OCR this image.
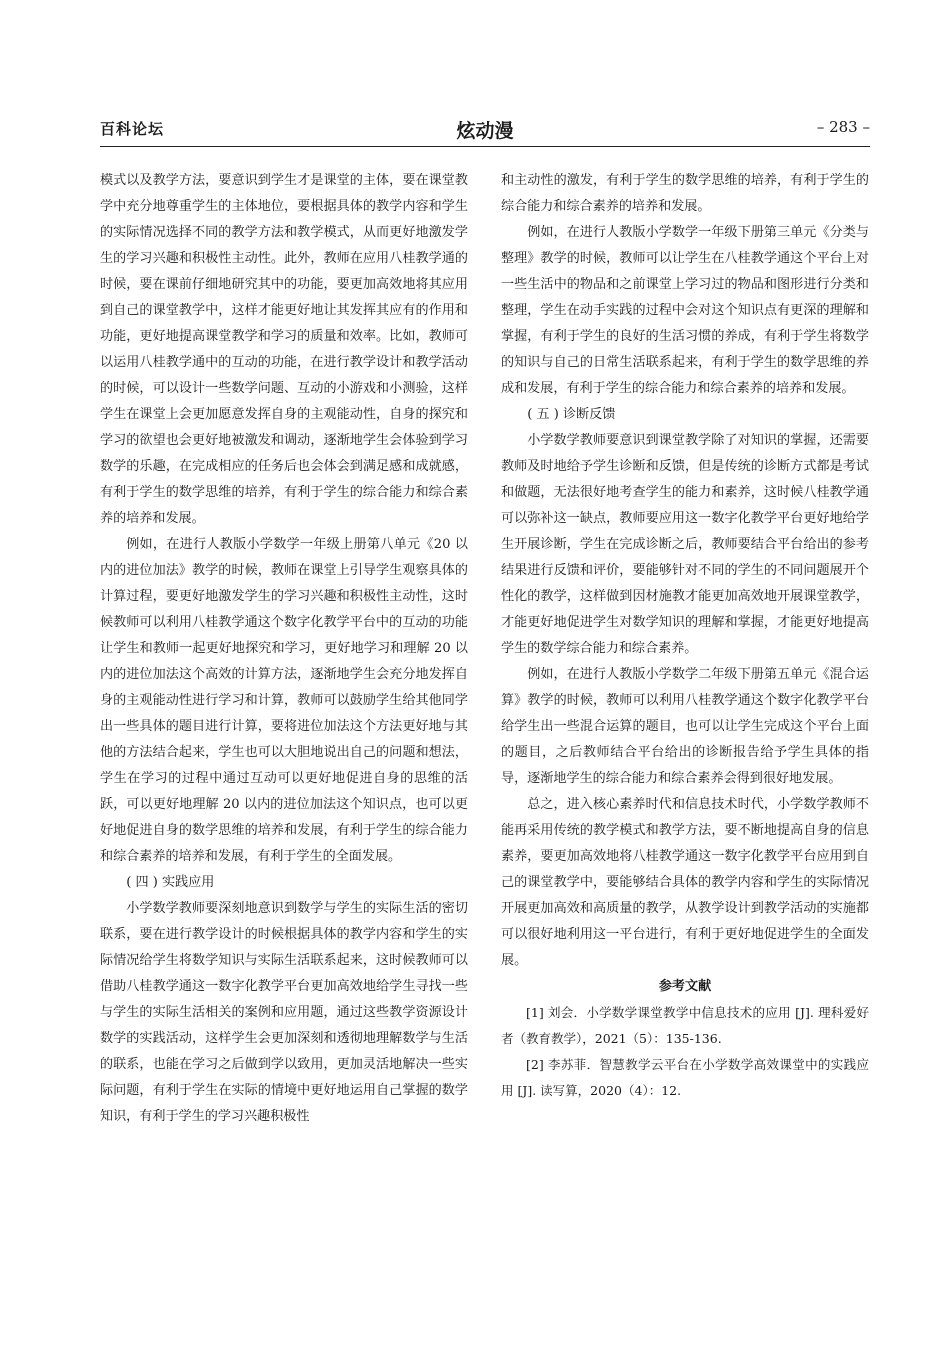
百科论坛	炫动漫	– 283 –

模式以及教学方法，要意识到学生才是课堂的主体，要在课堂教学中充分地尊重学生的主体地位，要根据具体的教学内容和学生的实际情况选择不同的教学方法和教学模式，从而更好地激发学生的学习兴趣和积极性主动性。此外，教师在应用八桂教学通的时候，要在课前仔细地研究其中的功能，要更加高效地将其应用到自己的课堂教学中，这样才能更好地让其发挥其应有的作用和功能，更好地提高课堂教学和学习的质量和效率。比如，教师可以运用八桂教学通中的互动的功能，在进行教学设计和教学活动的时候，可以设计一些数学问题、互动的小游戏和小测验，这样学生在课堂上会更加愿意发挥自身的主观能动性，自身的探究和学习的欲望也会更好地被激发和调动，逐渐地学生会体验到学习数学的乐趣，在完成相应的任务后也会体会到满足感和成就感，有利于学生的数学思维的培养，有利于学生的综合能力和综合素养的培养和发展。

例如，在进行人教版小学数学一年级上册第八单元《20 以内的进位加法》教学的时候，教师在课堂上引导学生观察具体的计算过程，要更好地激发学生的学习兴趣和积极性主动性，这时候教师可以利用八桂教学通这个数字化教学平台中的互动的功能让学生和教师一起更好地探究和学习，更好地学习和理解 20 以内的进位加法这个高效的计算方法，逐渐地学生会充分地发挥自身的主观能动性进行学习和计算，教师可以鼓励学生给其他同学出一些具体的题目进行计算，要将进位加法这个方法更好地与其他的方法结合起来，学生也可以大胆地说出自己的问题和想法，学生在学习的过程中通过互动可以更好地促进自身的思维的活跃，可以更好地理解 20 以内的进位加法这个知识点，也可以更好地促进自身的数学思维的培养和发展，有利于学生的综合能力和综合素养的培养和发展，有利于学生的全面发展。

( 四 ) 实践应用

小学数学教师要深刻地意识到数学与学生的实际生活的密切联系，要在进行教学设计的时候根据具体的教学内容和学生的实际情况给学生将数学知识与实际生活联系起来，这时候教师可以借助八桂教学通这一数字化教学平台更加高效地给学生寻找一些与学生的实际生活相关的案例和应用题，通过这些教学资源设计数学的实践活动，这样学生会更加深刻和透彻地理解数学与生活的联系，也能在学习之后做到学以致用，更加灵活地解决一些实际问题，有利于学生在实际的情境中更好地运用自己掌握的数学知识，有利于学生的学习兴趣积极性

和主动性的激发，有利于学生的数学思维的培养，有利于学生的综合能力和综合素养的培养和发展。

例如，在进行人教版小学数学一年级下册第三单元《分类与整理》教学的时候，教师可以让学生在八桂教学通这个平台上对一些生活中的物品和之前课堂上学习过的物品和图形进行分类和整理，学生在动手实践的过程中会对这个知识点有更深的理解和掌握，有利于学生的良好的生活习惯的养成，有利于学生将数学的知识与自己的日常生活联系起来，有利于学生的数学思维的养成和发展，有利于学生的综合能力和综合素养的培养和发展。

( 五 ) 诊断反馈

小学数学教师要意识到课堂教学除了对知识的掌握，还需要教师及时地给予学生诊断和反馈，但是传统的诊断方式都是考试和做题，无法很好地考查学生的能力和素养，这时候八桂教学通可以弥补这一缺点，教师要应用这一数字化教学平台更好地给学生开展诊断，学生在完成诊断之后，教师要结合平台给出的参考结果进行反馈和评价，要能够针对不同的学生的不同问题展开个性化的教学，这样做到因材施教才能更加高效地开展课堂教学，才能更好地促进学生对数学知识的理解和掌握，才能更好地提高学生的数学综合能力和综合素养。

例如，在进行人教版小学数学二年级下册第五单元《混合运算》教学的时候，教师可以利用八桂教学通这个数字化教学平台给学生出一些混合运算的题目，也可以让学生完成这个平台上面的题目，之后教师结合平台给出的诊断报告给予学生具体的指导，逐渐地学生的综合能力和综合素养会得到很好地发展。

总之，进入核心素养时代和信息技术时代，小学数学教师不能再采用传统的教学模式和教学方法，要不断地提高自身的信息素养，要更加高效地将八桂教学通这一数字化教学平台应用到自己的课堂教学中，要能够结合具体的教学内容和学生的实际情况开展更加高效和高质量的教学，从教学设计到教学活动的实施都可以很好地利用这一平台进行，有利于更好地促进学生的全面发展。

参考文献

[1] 刘会．小学数学课堂教学中信息技术的应用 [J]. 理科爱好者（教育教学），2021（5）：135-136.

[2] 李苏菲．智慧教学云平台在小学数学高效课堂中的实践应用 [J]. 读写算，2020（4）：12.
